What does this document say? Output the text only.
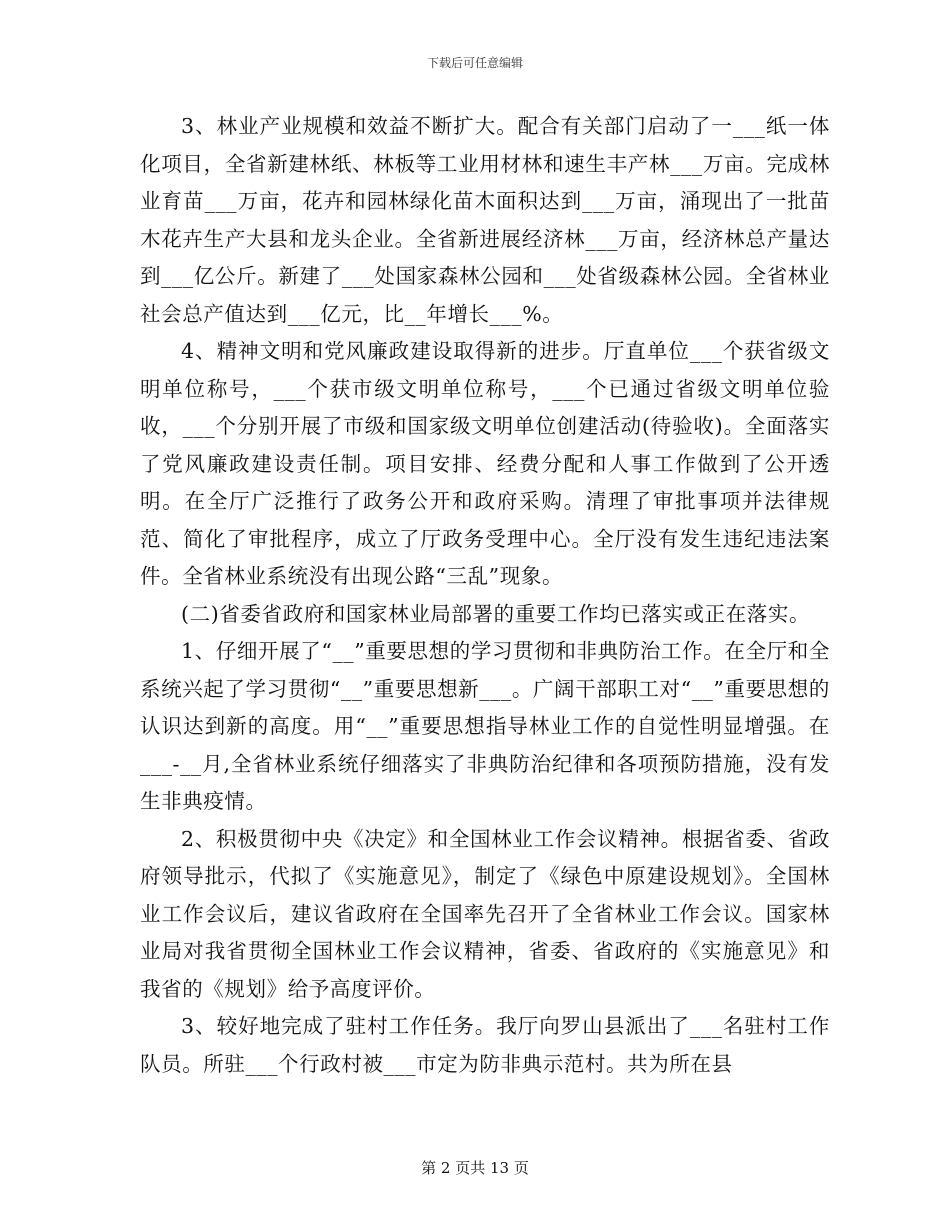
下载后可任意编辑

3、林业产业规模和效益不断扩大。配合有关部门启动了一___纸一体化项目，全省新建林纸、林板等工业用材林和速生丰产林___万亩。完成林业育苗___万亩，花卉和园林绿化苗木面积达到___万亩，涌现出了一批苗木花卉生产大县和龙头企业。全省新进展经济林___万亩，经济林总产量达到___亿公斤。新建了___处国家森林公园和___处省级森林公园。全省林业社会总产值达到___亿元，比__年增长___%。

4、精神文明和党风廉政建设取得新的进步。厅直单位___个获省级文明单位称号，___个获市级文明单位称号，___个已通过省级文明单位验收，___个分别开展了市级和国家级文明单位创建活动(待验收)。全面落实了党风廉政建设责任制。项目安排、经费分配和人事工作做到了公开透明。在全厅广泛推行了政务公开和政府采购。清理了审批事项并法律规范、简化了审批程序，成立了厅政务受理中心。全厅没有发生违纪违法案件。全省林业系统没有出现公路“三乱”现象。

(二)省委省政府和国家林业局部署的重要工作均已落实或正在落实。

1、仔细开展了“__”重要思想的学习贯彻和非典防治工作。在全厅和全系统兴起了学习贯彻“__”重要思想新___。广阔干部职工对“__”重要思想的认识达到新的高度。用“__”重要思想指导林业工作的自觉性明显增强。在___-__月,全省林业系统仔细落实了非典防治纪律和各项预防措施，没有发生非典疫情。

2、积极贯彻中央《决定》和全国林业工作会议精神。根据省委、省政府领导批示，代拟了《实施意见》，制定了《绿色中原建设规划》。全国林业工作会议后，建议省政府在全国率先召开了全省林业工作会议。国家林业局对我省贯彻全国林业工作会议精神，省委、省政府的《实施意见》和我省的《规划》给予高度评价。

3、较好地完成了驻村工作任务。我厅向罗山县派出了___名驻村工作队员。所驻___个行政村被___市定为防非典示范村。共为所在县

第 2 页共 13 页
